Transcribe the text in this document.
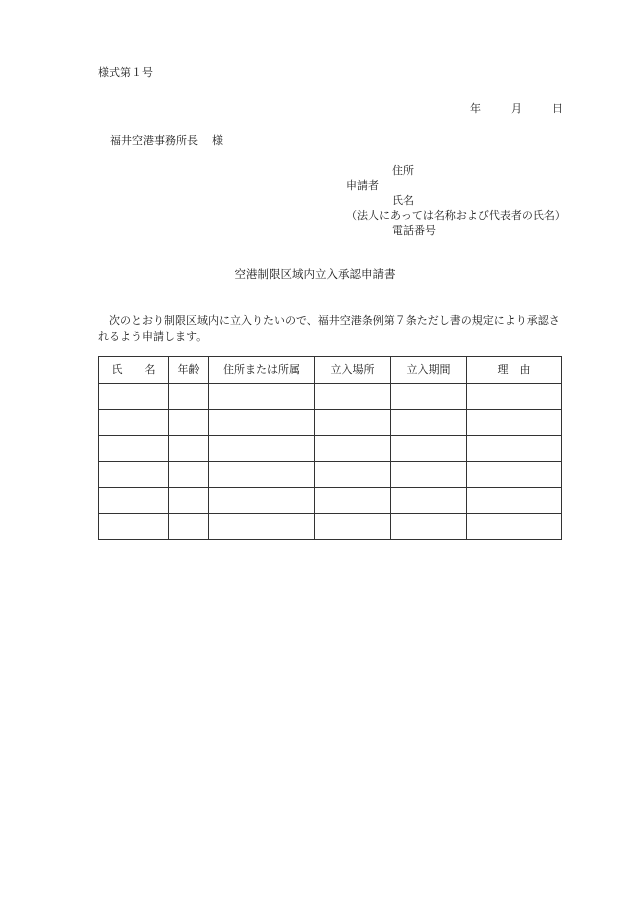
様式第１号
年	月	日
福井空港事務所長 様
申請者
住所
氏名
（法人にあっては名称および代表者の氏名）
電話番号
空港制限区域内立入承認申請書
次のとおり制限区域内に立入りたいので、福井空港条例第７条ただし書の規定により承認されるよう申請します。
氏　　名	年齢	住所または所属	立入場所	立入期間	理　由
